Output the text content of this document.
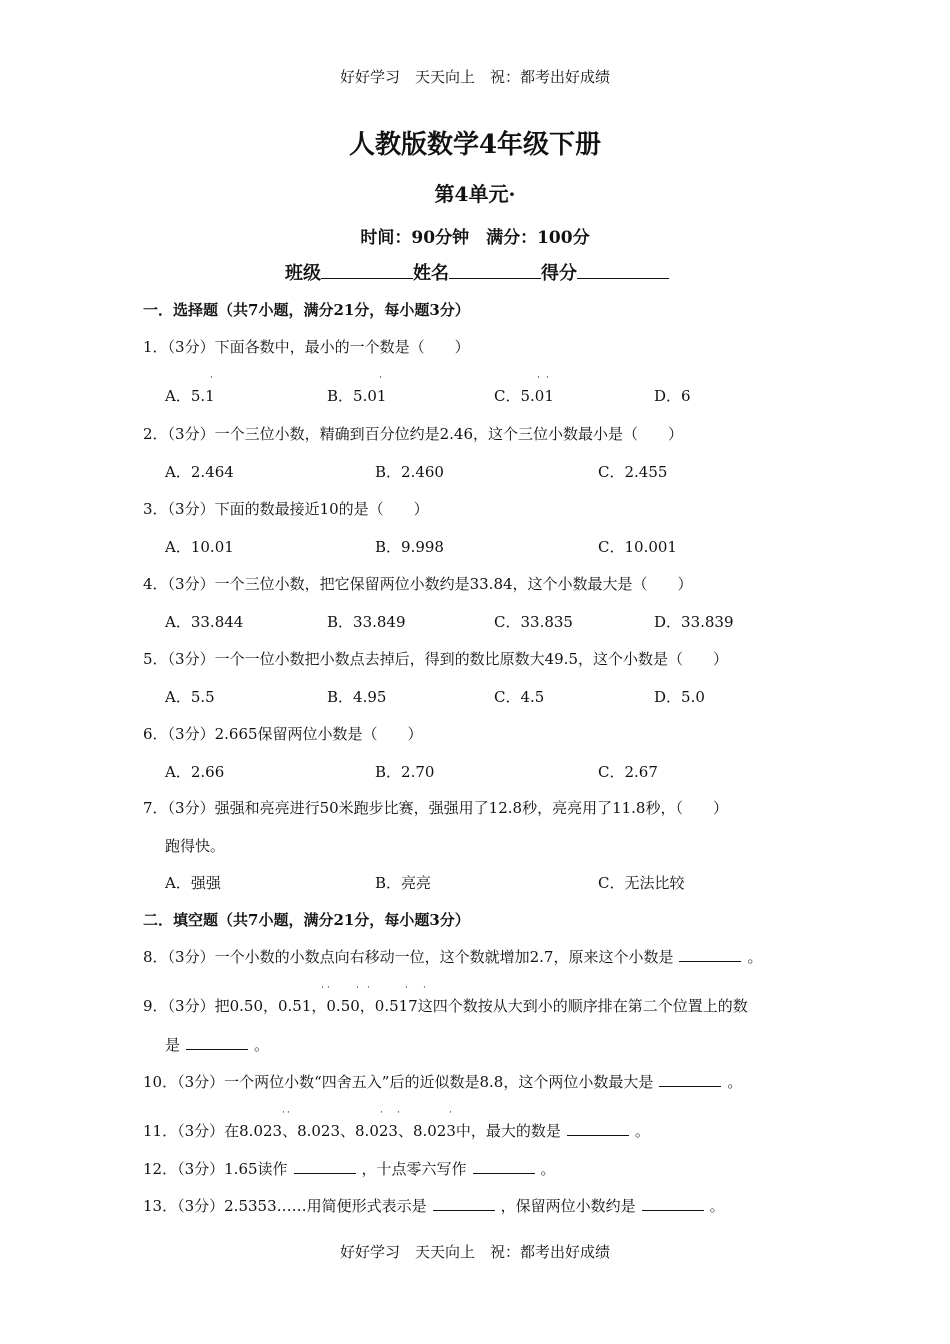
好好学习　天天向上　祝：都考出好成绩
人教版数学4年级下册
第4单元·
时间：90分钟　满分：100分
班级	姓名	得分
一．选择题（共7小题，满分21分，每小题3分）
1．（3分）下面各数中，最小的一个数是（　　）
A．5.1
·
B．5.01
·
C．5.01
· ·
D．6
2．（3分）一个三位小数，精确到百分位约是2.46，这个三位小数最小是（　　）
A．2.464	B．2.460	C．2.455
3．（3分）下面的数最接近10的是（　　）
A．10.01	B．9.998	C．10.001
4．（3分）一个三位小数，把它保留两位小数约是33.84，这个小数最大是（　　）
A．33.844	B．33.849	C．33.835	D．33.839
5．（3分）一个一位小数把小数点去掉后，得到的数比原数大49.5，这个小数是（　　）
A．5.5	B．4.95	C．4.5	D．5.0
6．（3分）2.665保留两位小数是（　　）
A．2.66	B．2.70	C．2.67
7．（3分）强强和亮亮进行50米跑步比赛，强强用了12.8秒，亮亮用了11.8秒，（　　）
跑得快。
A．强强	B．亮亮	C．无法比较
二．填空题（共7小题，满分21分，每小题3分）
8．（3分）一个小数的小数点向右移动一位，这个数就增加2.7，原来这个小数是	。
· ·	· ·	· ·
9．（3分）把0.50，0.51，0.50，0.517这四个数按从大到小的顺序排在第二个位置上的数
是	。
10．（3分）一个两位小数“四舍五入”后的近似数是8.8，这个两位小数最大是	。
· ·	· ·	·
11．（3分）在8.023、8.023、8.023、8.023中，最大的数是	。
12．（3分）1.65读作	，十点零六写作	。
13．（3分）2.5353……用简便形式表示是	，保留两位小数约是	。
好好学习　天天向上　祝：都考出好成绩
